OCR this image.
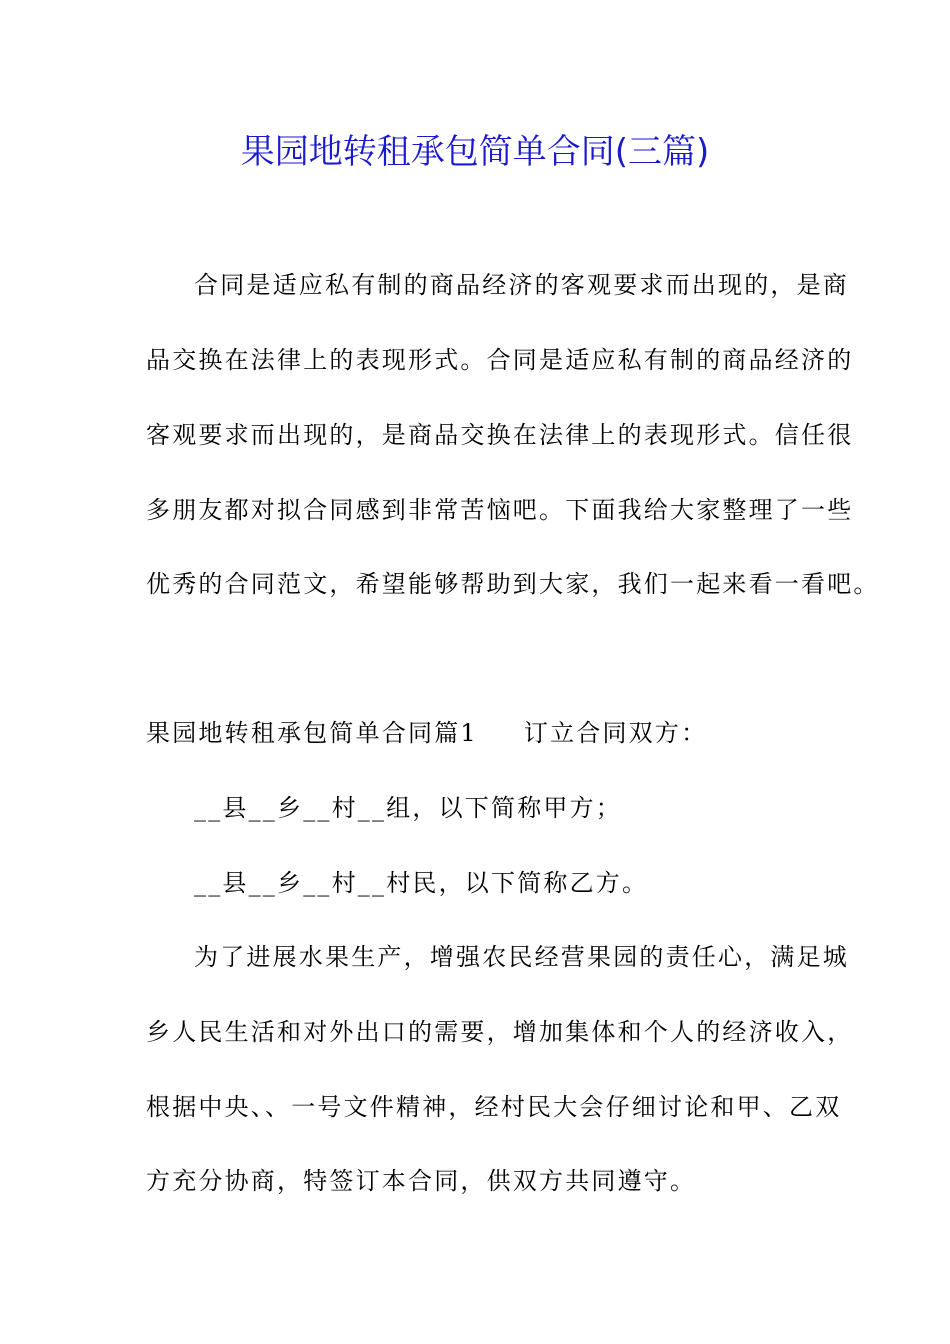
果园地转租承包简单合同(三篇)
合同是适应私有制的商品经济的客观要求而出现的，是商
品交换在法律上的表现形式。合同是适应私有制的商品经济的
客观要求而出现的，是商品交换在法律上的表现形式。信任很
多朋友都对拟合同感到非常苦恼吧。下面我给大家整理了一些
优秀的合同范文，希望能够帮助到大家，我们一起来看一看吧。
果园地转租承包简单合同篇1 订立合同双方：
__县__乡__村__组，以下简称甲方；
__县__乡__村__村民，以下简称乙方。
为了进展水果生产，增强农民经营果园的责任心，满足城
乡人民生活和对外出口的需要，增加集体和个人的经济收入，
根据中央、、一号文件精神，经村民大会仔细讨论和甲、乙双
方充分协商，特签订本合同，供双方共同遵守。
